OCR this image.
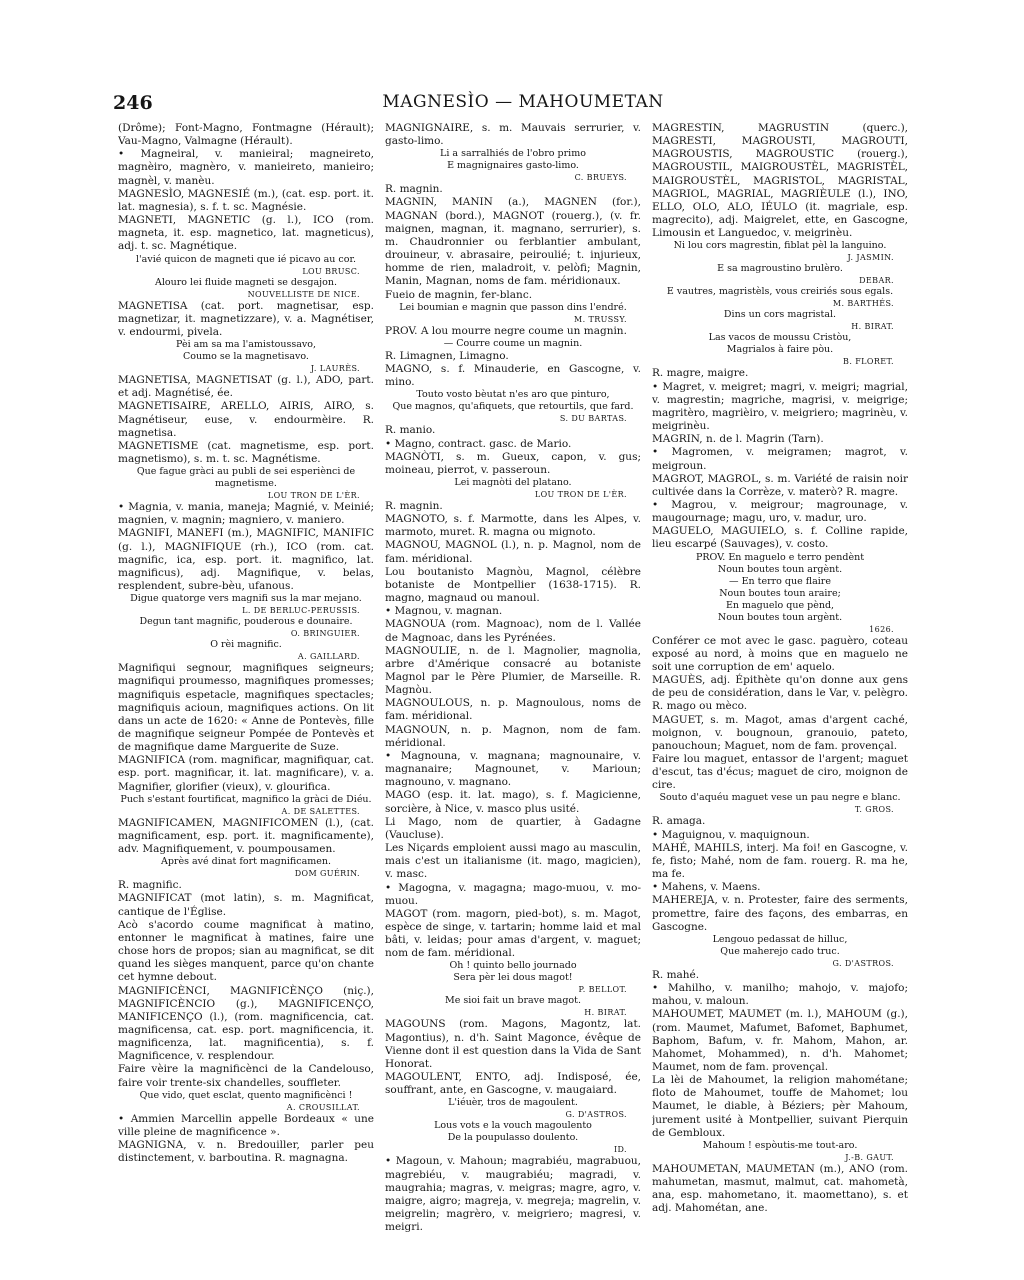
246	MAGNESÌO — MAHOUMETAN

(Drôme); Font-Magno, Fontmagne (Hérault); Vau-Magno, Valmagne (Hérault).

• Magneiral, v. manieiral; magneireto, magnèiro, magnèro, v. manieireto, manieiro; magnèl, v. manèu.

MAGNESÌO, MAGNESIÉ (m.), (cat. esp. port. it. lat. magnesia), s. f. t. sc. Magnésie.

MAGNETI, MAGNETIC (g. l.), ICO (rom. magneta, it. esp. magnetico, lat. magneticus), adj. t. sc. Magnétique.

l'avié quicon de magneti que ié picavo au cor.

LOU BRUSC.

Alouro lei fluide magneti se desgajon.

NOUVELLISTE DE NICE.

MAGNETISA (cat. port. magnetisar, esp. magnetizar, it. magnetizzare), v. a. Magnétiser, v. endourmi, pivela.

Pèi am sa ma l'amistoussavo,

Coumo se la magnetisavo.

J. LAURÈS.

MAGNETISA, MAGNETISAT (g. l.), ADO, part. et adj. Magnétisé, ée.

MAGNETISAIRE, ARELLO, AIRIS, AIRO, s. Magnétiseur, euse, v. endourmèire. R. magnetisa.

MAGNETISME (cat. magnetisme, esp. port. magnetismo), s. m. t. sc. Magnétisme.

Que fague gràci au publi de sei esperiènci de magnetisme.

LOU TRON DE L'ÈR.

• Magnia, v. mania, maneja; Magnié, v. Meinié; magnien, v. magnin; magniero, v. maniero.

MAGNIFI, MANEFI (m.), MAGNIFIC, MANIFIC (g. l.), MAGNIFIQUE (rh.), ICO (rom. cat. magnific, ica, esp. port. it. magnifico, lat. magnificus), adj. Magnifique, v. belas, resplendent, subre-bèu, ufanous.

Digue quatorge vers magnifi sus la mar mejano.

L. DE BERLUC-PERUSSIS.

Degun tant magnific, pouderous e dounaire.

O. BRINGUIER.

O rèi magnific.

A. GAILLARD.

Magnifiqui segnour, magnifiques seigneurs; magnifiqui proumesso, magnifiques promesses; magnifiquis espetacle, magnifiques spectacles; magnifiquis acioun, magnifiques actions. On lit dans un acte de 1620: « Anne de Pontevès, fille de magnifique seigneur Pompée de Pontevès et de magnifique dame Marguerite de Suze.

MAGNIFICA (rom. magnificar, magnifiquar, cat. esp. port. magnificar, it. lat. magnificare), v. a. Magnifier, glorifier (vieux), v. glourifica.

Puch s'estant fourtificat, magnifico la gràci de Diéu.

A. DE SALETTES.

MAGNIFICAMEN, MAGNIFICOMEN (l.), (cat. magnificament, esp. port. it. magnificamente), adv. Magnifiquement, v. poumpousamen.

Après avé dinat fort magnificamen.

DOM GUÉRIN.

R. magnific.

MAGNIFICAT (mot latin), s. m. Magnificat, cantique de l'Église.

Acò s'acordo coume magnificat à matino, entonner le magnificat à matines, faire une chose hors de propos; sian au magnificat, se dit quand les sièges manquent, parce qu'on chante cet hymne debout.

MAGNIFICÈNCI, MAGNIFICÈNÇO (niç.), MAGNIFICÈNCIO (g.), MAGNIFICENÇO, MANIFICENÇO (l.), (rom. magnificencia, cat. magnificensa, cat. esp. port. magnificencia, it. magnificenza, lat. magnificentia), s. f. Magnificence, v. resplendour.

Faire vèire la magnificènci de la Candelouso, faire voir trente-six chandelles, souffleter.

Que vido, quet esclat, quento magnificènci !

A. CROUSILLAT.

• Ammien Marcellin appelle Bordeaux « une ville pleine de magnificence ».

MAGNIGNA, v. n. Bredouiller, parler peu distinctement, v. barboutina. R. magnagna.

MAGNIGNAIRE, s. m. Mauvais serrurier, v. gasto-limo.

Li a sarralhiés de l'obro primo

E magnignaires gasto-limo.

C. BRUEYS.

R. magnin.

MAGNIN, MANIN (a.), MAGNEN (for.), MAGNAN (bord.), MAGNOT (rouerg.), (v. fr. maignen, magnan, it. magnano, serrurier), s. m. Chaudronnier ou ferblantier ambulant, drouineur, v. abrasaire, peiroulié; t. injurieux, homme de rien, maladroit, v. pelòfi; Magnin, Manin, Magnan, noms de fam. méridionaux.

Fueio de magnin, fer-blanc.

Lei boumian e magnin que passon dins l'endré.

M. TRUSSY.

PROV. A lou mourre negre coume un magnin.

— Courre coume un magnin.

R. Limagnen, Limagno.

MAGNO, s. f. Minauderie, en Gascogne, v. mino.

Touto vosto bèutat n'es aro que pinturo,

Que magnos, qu'afiquets, que retourtils, que fard.

S. DU BARTAS.

R. manio.

• Magno, contract. gasc. de Mario.

MAGNÒTI, s. m. Gueux, capon, v. gus; moineau, pierrot, v. passeroun.

Lei magnòti del platano.

LOU TRON DE L'ÈR.

R. magnin.

MAGNOTO, s. f. Marmotte, dans les Alpes, v. marmoto, muret. R. magna ou mignoto.

MAGNOU, MAGNOL (l.), n. p. Magnol, nom de fam. méridional.

Lou boutanisto Magnòu, Magnol, célèbre botaniste de Montpellier (1638-1715). R. magno, magnaud ou manoul.

• Magnou, v. magnan.

MAGNOUA (rom. Magnoac), nom de l. Vallée de Magnoac, dans les Pyrénées.

MAGNOULIE, n. de l. Magnolier, magnolia, arbre d'Amérique consacré au botaniste Magnol par le Père Plumier, de Marseille. R. Magnòu.

MAGNOULOUS, n. p. Magnoulous, noms de fam. méridional.

MAGNOUN, n. p. Magnon, nom de fam. méridional.

• Magnouna, v. magnana; magnounaire, v. magnanaire; Magnounet, v. Marioun; magnouno, v. magnano.

MAGO (esp. it. lat. mago), s. f. Magicienne, sorcière, à Nice, v. masco plus usité.

Li Mago, nom de quartier, à Gadagne (Vaucluse).

Les Niçards emploient aussi mago au masculin, mais c'est un italianisme (it. mago, magicien), v. masc.

• Magogna, v. magagna; mago-muou, v. mo-muou.

MAGOT (rom. magorn, pied-bot), s. m. Magot, espèce de singe, v. tartarin; homme laid et mal bâti, v. leidas; pour amas d'argent, v. maguet; nom de fam. méridional.

Oh ! quinto bello journado

Sera pèr lei dous magot!

P. BELLOT.

Me sioi fait un brave magot.

H. BIRAT.

MAGOUNS (rom. Magons, Magontz, lat. Magontius), n. d'h. Saint Magonce, évêque de Vienne dont il est question dans la Vida de Sant Honorat.

MAGOULENT, ENTO, adj. Indisposé, ée, souffrant, ante, en Gascogne, v. maugaiard.

L'iéuèr, tros de magoulent.

G. D'ASTROS.

Lous vots e la vouch magoulento

De la poupulasso doulento.

ID.

• Magoun, v. Mahoun; magrabiéu, magrabuou, magrebiéu, v. maugrabiéu; magradi, v. maugrahia; magras, v. meigras; magre, agro, v. maigre, aigro; magreja, v. megreja; magrelin, v. meigrelin; magrèro, v. meigriero; magresi, v. meigri.

MAGRESTIN, MAGRUSTIN (querc.), MAGRESTI, MAGROUSTI, MAGROUTI, MAGROUSTIS, MAGROUSTIC (rouerg.), MAGROUSTIL, MAIGROUSTÈL, MAGRISTÈL, MAIGROUSTÈL, MAGRISTOL, MAGRISTAL, MAGRIOL, MAGRIAL, MAGRIÈULE (l.), INO, ELLO, OLO, ALO, IÉULO (it. magriale, esp. magrecito), adj. Maigrelet, ette, en Gascogne, Limousin et Languedoc, v. meigrinèu.

Ni lou cors magrestin, fiblat pèl la languino.

J. JASMIN.

E sa magroustino brulèro.

DEBAR.

E vautres, magristèls, vous creiriés sous egals.

M. BARTHÉS.

Dins un cors magristal.

H. BIRAT.

Las vacos de moussu Cristòu,

Magrialos à faire pòu.

B. FLORET.

R. magre, maigre.

• Magret, v. meigret; magri, v. meigri; magrial, v. magrestin; magriche, magrisi, v. meigrige; magritèro, magrièiro, v. meigriero; magrinèu, v. meigrinèu.

MAGRIN, n. de l. Magrin (Tarn).

• Magromen, v. meigramen; magrot, v. meigroun.

MAGROT, MAGROL, s. m. Variété de raisin noir cultivée dans la Corrèze, v. materò? R. magre.

• Magrou, v. meigrour; magrounage, v. maugournage; magu, uro, v. madur, uro.

MAGUELO, MAGUIELO, s. f. Colline rapide, lieu escarpé (Sauvages), v. costo.

PROV. En maguelo e terro pendènt

Noun boutes toun argènt.

— En terro que flaire

Noun boutes toun araire;

En maguelo que pènd,

Noun boutes toun argènt.

1626.

Conférer ce mot avec le gasc. paguèro, coteau exposé au nord, à moins que en maguelo ne soit une corruption de em' aquelo.

MAGUÈS, adj. Épithète qu'on donne aux gens de peu de considération, dans le Var, v. pelègro. R. mago ou mèco.

MAGUET, s. m. Magot, amas d'argent caché, moignon, v. bougnoun, granouio, pateto, panouchoun; Maguet, nom de fam. provençal.

Faire lou maguet, entassor de l'argent; maguet d'escut, tas d'écus; maguet de ciro, moignon de cire.

Souto d'aquéu maguet vese un pau negre e blanc.

T. GROS.

R. amaga.

• Maguignou, v. maquignoun.

MAHÉ, MAHILS, interj. Ma foi! en Gascogne, v. fe, fisto; Mahé, nom de fam. rouerg. R. ma he, ma fe.

• Mahens, v. Maens.

MAHEREJA, v. n. Protester, faire des serments, promettre, faire des façons, des embarras, en Gascogne.

Lengouo pedassat de hilluc,

Que maherejo cado truc.

G. D'ASTROS.

R. mahé.

• Mahilho, v. manilho; mahojo, v. majofo; mahou, v. maloun.

MAHOUMET, MAUMET (m. l.), MAHOUM (g.), (rom. Maumet, Mafumet, Bafomet, Baphumet, Baphom, Bafum, v. fr. Mahom, Mahon, ar. Mahomet, Mohammed), n. d'h. Mahomet; Maumet, nom de fam. provençal.

La lèi de Mahoumet, la religion mahométane; floto de Mahoumet, touffe de Mahomet; lou Maumet, le diable, à Béziers; pèr Mahoum, jurement usité à Montpellier, suivant Pierquin de Gembloux.

Mahoum ! espòutis-me tout-aro.

J.-B. GAUT.

MAHOUMETAN, MAUMETAN (m.), ANO (rom. mahumetan, masmut, malmut, cat. mahometà, ana, esp. mahometano, it. maomettano), s. et adj. Mahométan, ane.
